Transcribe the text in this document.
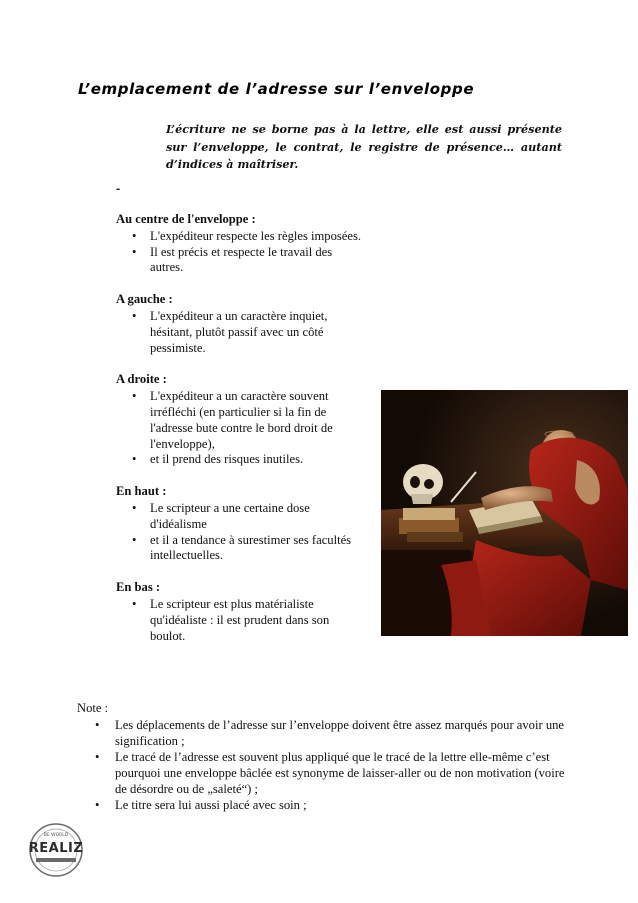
L’emplacement de l’adresse sur l’enveloppe

L’écriture ne se borne pas à la lettre, elle est aussi présente sur l’enveloppe, le contrat, le registre de présence… autant d’indices à maîtriser.

-

Au centre de l'enveloppe :

• L'expéditeur respecte les règles imposées.
• Il est précis et respecte le travail des autres.

A gauche :

• L'expéditeur a un caractère inquiet, hésitant, plutôt passif avec un côté pessimiste.

A droite :

• L'expéditeur a un caractère souvent irréfléchi (en particulier si la fin de l'adresse bute contre le bord droit de l'enveloppe),
• et il prend des risques inutiles.

En haut :

• Le scripteur a une certaine dose d'idéalisme
• et il a tendance à surestimer ses facultés intellectuelles.

En bas :

• Le scripteur est plus matérialiste qu'idéaliste : il est prudent dans son boulot.

Note :

• Les déplacements de l’adresse sur l’enveloppe doivent être assez marqués pour avoir une signification ;
• Le tracé de l’adresse est souvent plus appliqué que le tracé de la lettre elle-même c’est pourquoi une enveloppe bâclée est synonyme de laisser-aller ou de non motivation (voire de désordre ou de „saleté“) ;
• Le titre sera lui aussi placé avec soin ;
BE WORLD
REALIZ
